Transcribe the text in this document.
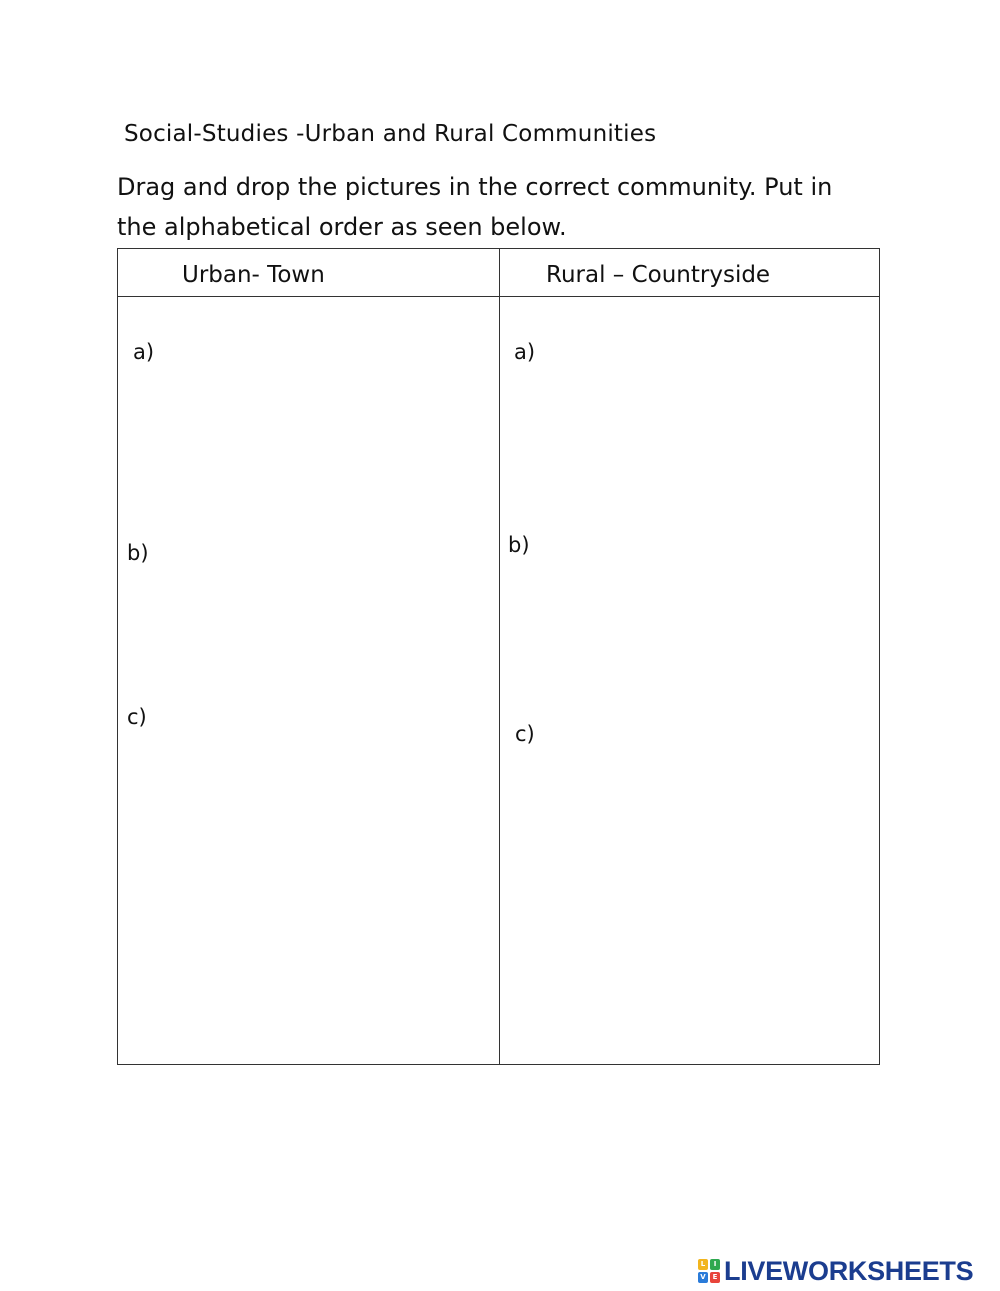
Social-Studies -Urban and Rural Communities
Drag and drop the pictures in the correct community. Put in
the alphabetical order as seen below.
Urban- Town	Rural – Countryside
a)
b)
c)
a)
b)
c)
L	I
V E LIVEWORKSHEETS
